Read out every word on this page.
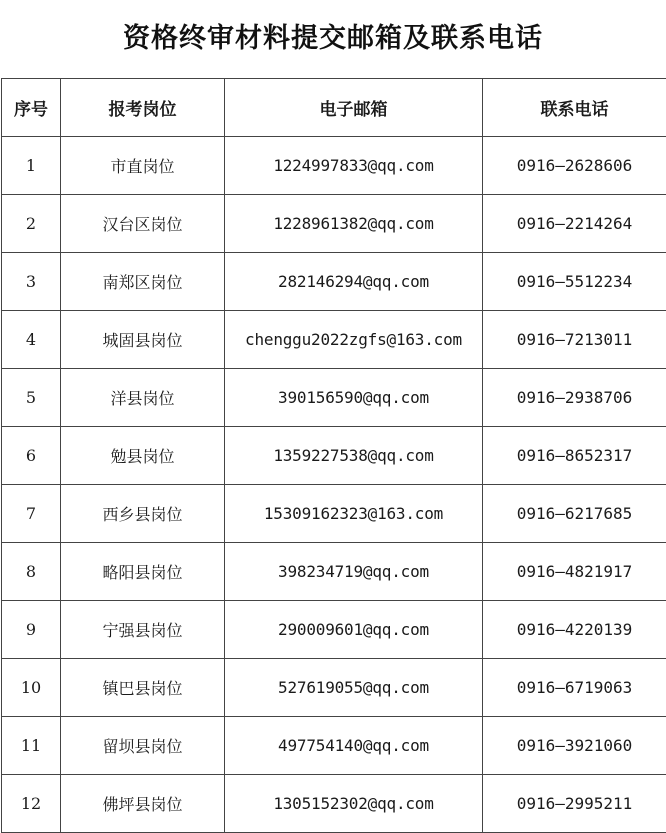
资格终审材料提交邮箱及联系电话
序号	报考岗位	电子邮箱	联系电话
1	市直岗位	1224997833@qq.com	0916—2628606
2	汉台区岗位	1228961382@qq.com	0916—2214264
3	南郑区岗位	282146294@qq.com	0916—5512234
4	城固县岗位	chenggu2022zgfs@163.com	0916—7213011
5	洋县岗位	390156590@qq.com	0916—2938706
6	勉县岗位	1359227538@qq.com	0916—8652317
7	西乡县岗位	15309162323@163.com	0916—6217685
8	略阳县岗位	398234719@qq.com	0916—4821917
9	宁强县岗位	290009601@qq.com	0916—4220139
10	镇巴县岗位	527619055@qq.com	0916—6719063
11	留坝县岗位	497754140@qq.com	0916—3921060
12	佛坪县岗位	1305152302@qq.com	0916—2995211
